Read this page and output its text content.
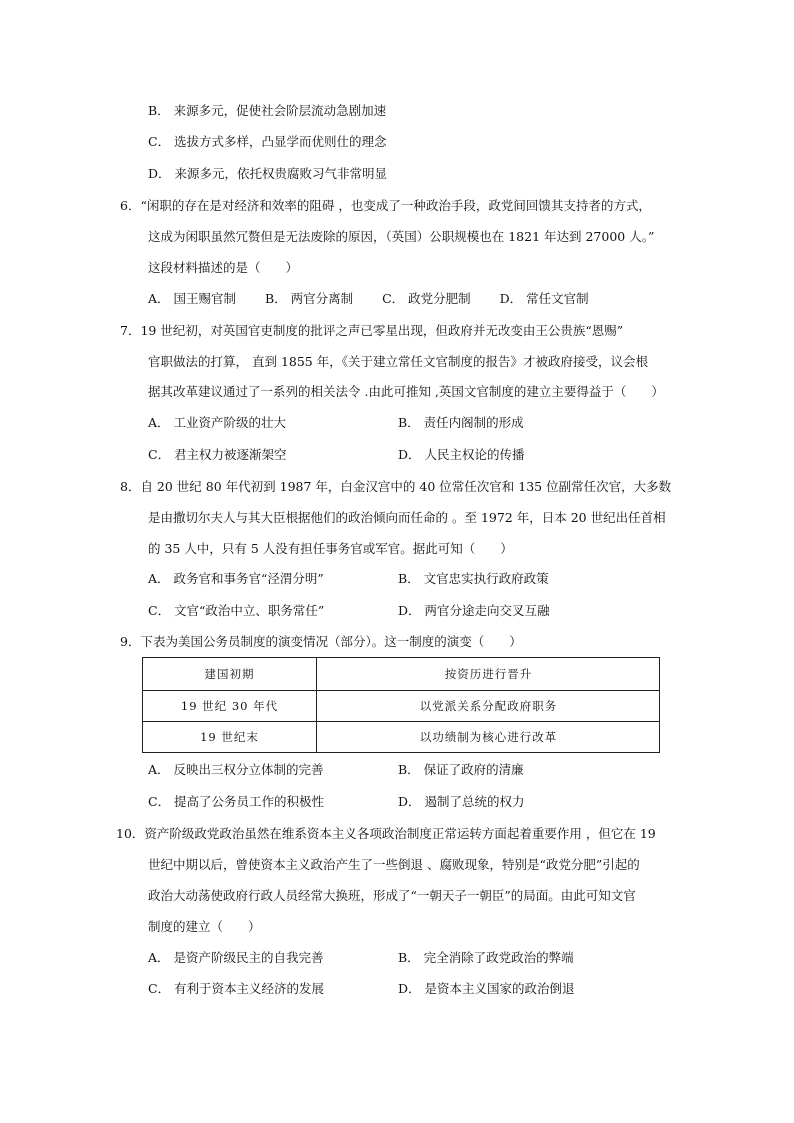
B． 来源多元，促使社会阶层流动急剧加速
C． 选拔方式多样，凸显学而优则仕的理念
D． 来源多元，依托权贵腐败习气非常明显
6．“闲职的存在是对经济和效率的阻碍 ，也变成了一种政治手段，政党间回馈其支持者的方式，
这成为闲职虽然冗赘但是无法废除的原因，（英国）公职规模也在 1821 年达到 27000 人。”
这段材料描述的是（　　）
A． 国王赐官制　　 B． 两官分离制　　 C． 政党分肥制　　 D． 常任文官制
7．19 世纪初，对英国官吏制度的批评之声已零星出现，但政府并无改变由王公贵族“恩赐”
官职做法的打算， 直到 1855 年，《关于建立常任文官制度的报告》才被政府接受，议会根
据其改革建议通过了一系列的相关法令 .由此可推知 ,英国文官制度的建立主要得益于（　　）
A． 工业资产阶级的壮大	B． 责任内阁制的形成
C． 君主权力被逐渐架空	D． 人民主权论的传播
8．自 20 世纪 80 年代初到 1987 年，白金汉宫中的 40 位常任次官和 135 位副常任次官，大多数
是由撒切尔夫人与其大臣根据他们的政治倾向而任命的 。至 1972 年，日本 20 世纪出任首相
的 35 人中，只有 5 人没有担任事务官或军官。据此可知（　　）
A． 政务官和事务官“泾渭分明”	B． 文官忠实执行政府政策
C． 文官“政治中立、职务常任”	D． 两官分途走向交叉互融
9．下表为美国公务员制度的演变情况（部分）。这一制度的演变（　　）
建国初期	按资历进行晋升
19 世纪 30 年代	以党派关系分配政府职务
19 世纪末	以功绩制为核心进行改革
A． 反映出三权分立体制的完善	B． 保证了政府的清廉
C． 提高了公务员工作的积极性	D． 遏制了总统的权力
10．资产阶级政党政治虽然在维系资本主义各项政治制度正常运转方面起着重要作用 ，但它在 19
世纪中期以后，曾使资本主义政治产生了一些倒退 、腐败现象，特别是“政党分肥”引起的
政治大动荡使政府行政人员经常大换班，形成了“一朝天子一朝臣”的局面。由此可知文官
制度的建立（　　）
A． 是资产阶级民主的自我完善	B． 完全消除了政党政治的弊端
C． 有利于资本主义经济的发展	D． 是资本主义国家的政治倒退
